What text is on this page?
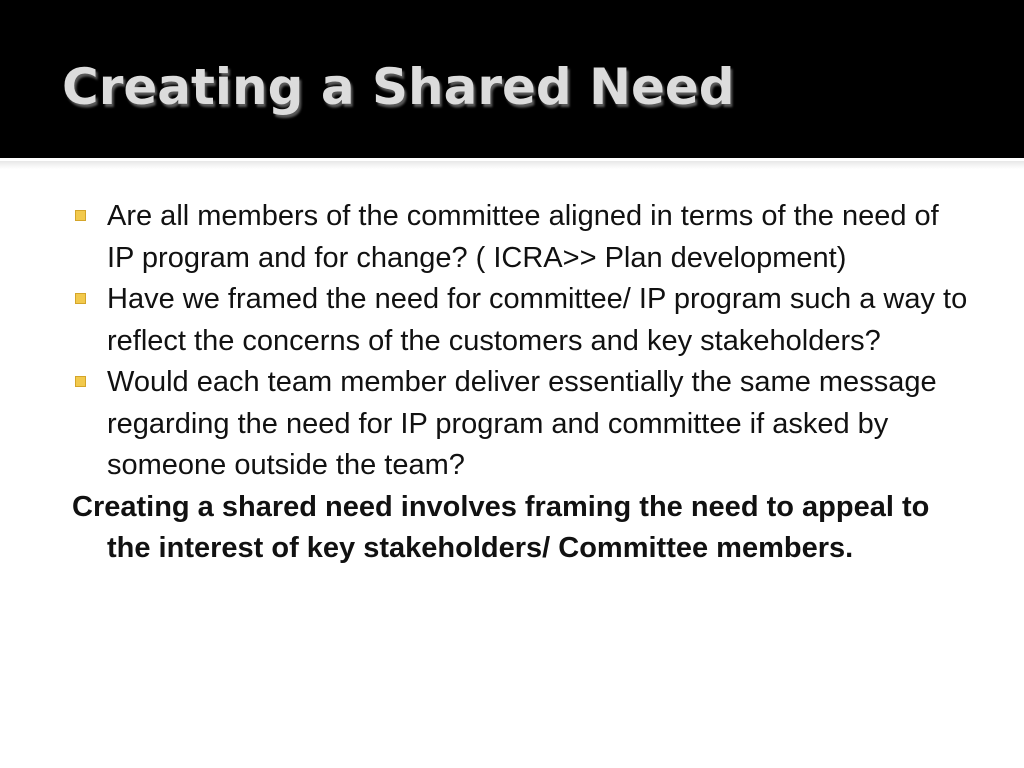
Creating a Shared Need
Are all members of the committee aligned in terms of the need of IP program and for change? ( ICRA>> Plan development)
Have we framed the need for committee/ IP program such a way to reflect the concerns of the customers and key stakeholders?
Would each team member deliver essentially the same message regarding the need for IP program and committee if asked by someone outside the team?

Creating a shared need involves framing the need to appeal to the interest of key stakeholders/ Committee members.
